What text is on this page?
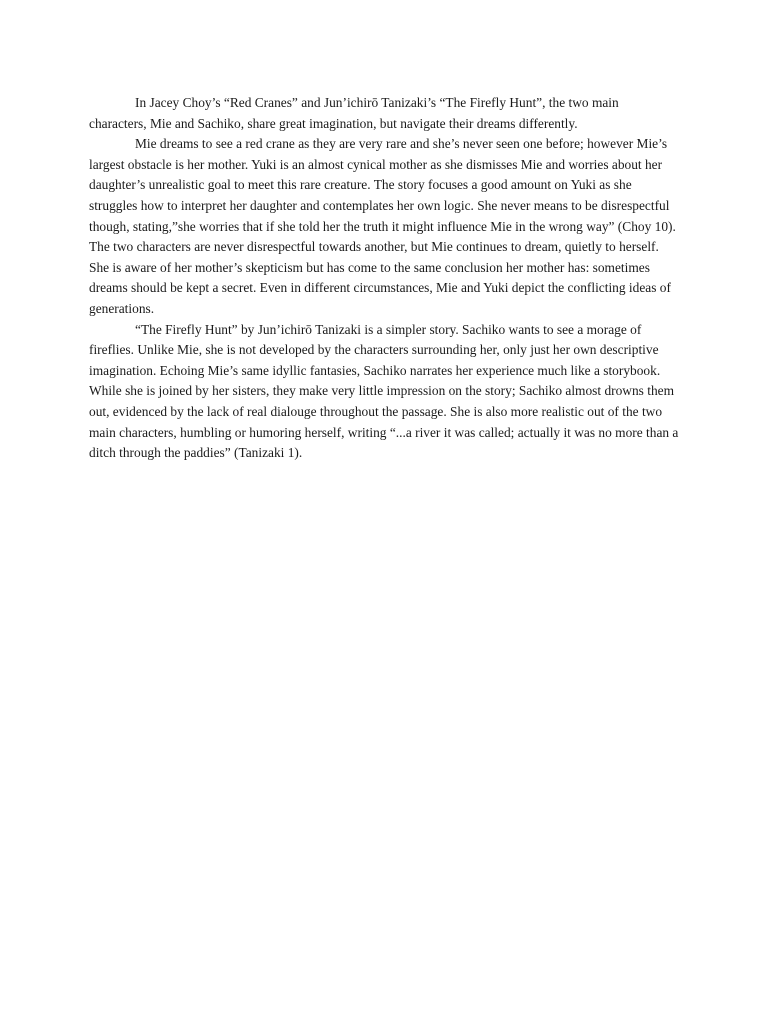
In Jacey Choy’s “Red Cranes” and Jun’ichirō Tanizaki’s “The Firefly Hunt”, the two main characters, Mie and Sachiko, share great imagination, but navigate their dreams differently.

Mie dreams to see a red crane as they are very rare and she’s never seen one before; however Mie’s largest obstacle is her mother. Yuki is an almost cynical mother as she dismisses Mie and worries about her daughter’s unrealistic goal to meet this rare creature. The story focuses a good amount on Yuki as she struggles how to interpret her daughter and contemplates her own logic. She never means to be disrespectful though, stating,”she worries that if she told her the truth it might influence Mie in the wrong way” (Choy 10). The two characters are never disrespectful towards another, but Mie continues to dream, quietly to herself. She is aware of her mother’s skepticism but has come to the same conclusion her mother has: sometimes dreams should be kept a secret. Even in different circumstances, Mie and Yuki depict the conflicting ideas of generations.

“The Firefly Hunt” by Jun’ichirō Tanizaki is a simpler story. Sachiko wants to see a morage of fireflies. Unlike Mie, she is not developed by the characters surrounding her, only just her own descriptive imagination. Echoing Mie’s same idyllic fantasies, Sachiko narrates her experience much like a storybook. While she is joined by her sisters, they make very little impression on the story; Sachiko almost drowns them out, evidenced by the lack of real dialouge throughout the passage. She is also more realistic out of the two main characters, humbling or humoring herself, writing “...a river it was called; actually it was no more than a ditch through the paddies” (Tanizaki 1).
